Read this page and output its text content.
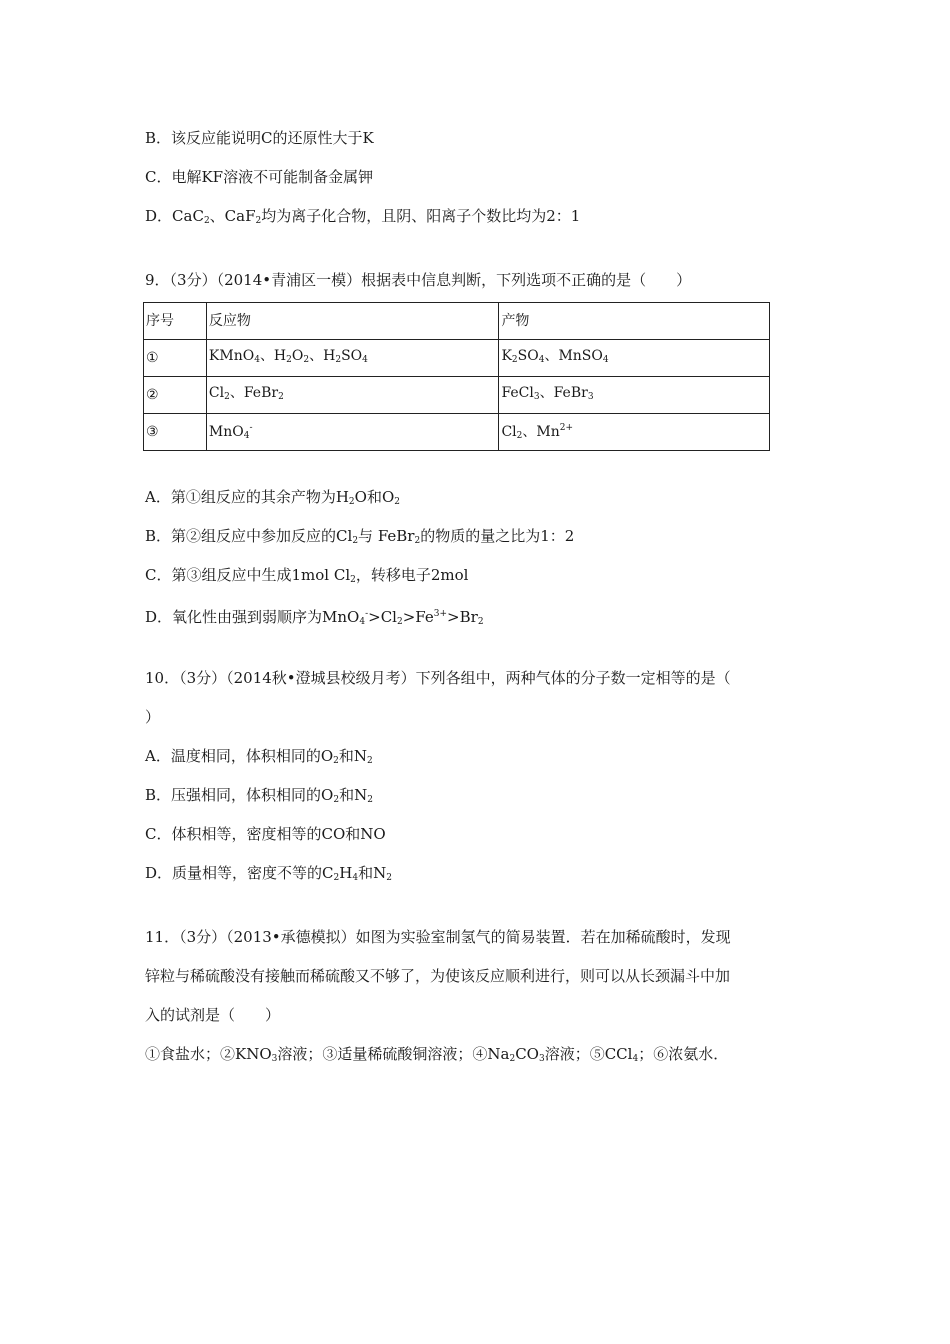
B．该反应能说明C的还原性大于K
C．电解KF溶液不可能制备金属钾
D．CaC$_2$、CaF$_2$均为离子化合物，且阴、阳离子个数比均为2：1
9．（3分）（2014•青浦区一模）根据表中信息判断，下列选项不正确的是（　　）
序号	反应物	产物
①	KMnO$_4$、$H_2O_2$、$H_2SO_4$	$K_2SO_4$、MnSO$_4$
②	$Cl_2$、FeBr$_2$	FeCl$_3$、FeBr$_3$
③	MnO$_4$-	$Cl_2$、$Mn^{2+}$
A．第①组反应的其余产物为$H_2O$和$O_2$
B．第②组反应中参加反应的$Cl_2$与 FeBr$_2$的物质的量之比为1：2
C．第③组反应中生成1mol $Cl_2$，转移电子2mol
D．氧化性由强到弱顺序为$MnO_4^->Cl_2>Fe^{3+}>Br_2$
10．（3分）（2014秋•澄城县校级月考）下列各组中，两种气体的分子数一定相等的是（
）
A．温度相同，体积相同的$O_2$和$N_2$
B．压强相同，体积相同的$O_2$和$N_2$
C．体积相等，密度相等的CO和NO
D．质量相等，密度不等的$C_2H_4$和$N_2$
11．（3分）（2013•承德模拟）如图为实验室制氢气的简易装置．若在加稀硫酸时，发现
锌粒与稀硫酸没有接触而稀硫酸又不够了，为使该反应顺利进行，则可以从长颈漏斗中加
入的试剂是（　　）
①食盐水；$②KNO_3$溶液；③适量稀硫酸铜溶液；$④Na_2CO_3$溶液；⑤CCl$_4$；⑥浓氨水．
